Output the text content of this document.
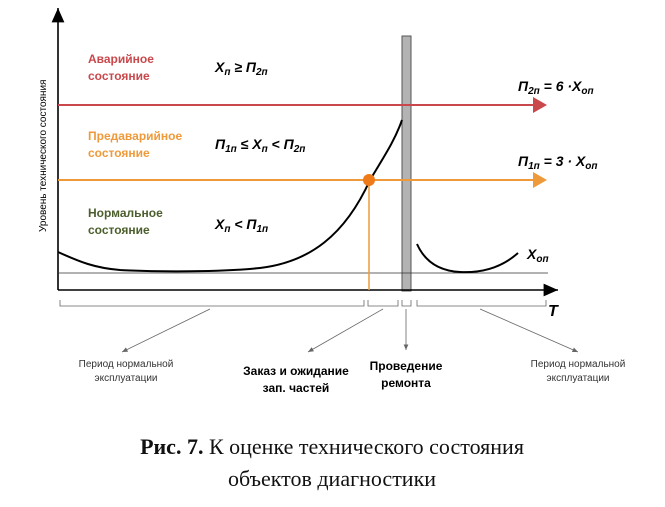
Уровень технического состояния
T
Аварийное
состояние
Предаварийное
состояние
Нормальное
состояние
$Х_п \ge П_{2п}$
$П_{1п} \le Х_п < П_{2п}$
$Х_п < П_{1п}$
$П_{2п} = 6 \cdot Х_{оп}$
$П_{1п} = 3 \cdot Х_{оп}$
$Х_{оп}$
Период нормальной
эксплуатации
Заказ и ожидание
зап. частей
Проведение
ремонта
Период нормальной
эксплуатации
Рис. 7. К оценке технического состояния
объектов диагностики
